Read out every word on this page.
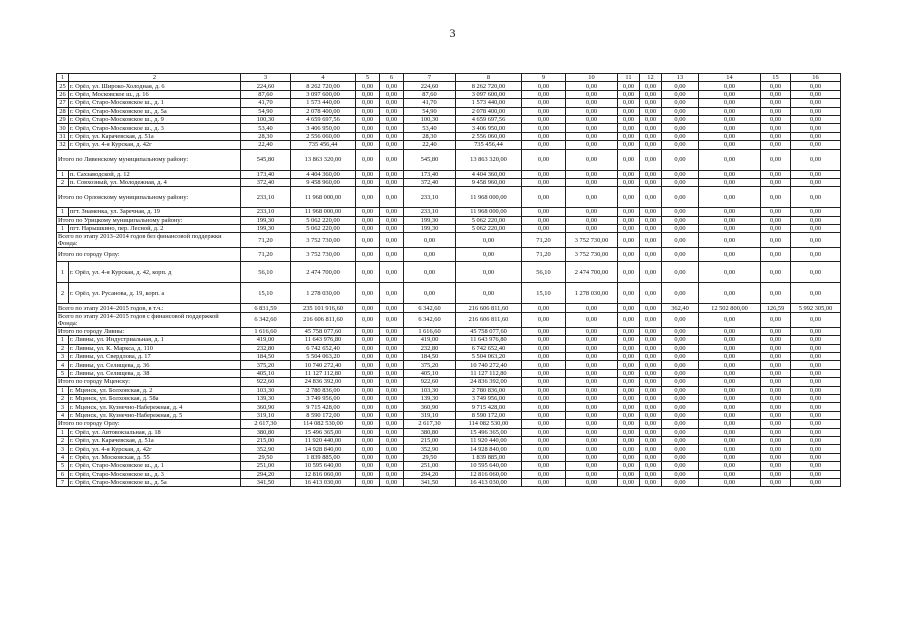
3
1	2	3	4	5	6	7	8	9	10	11	12	13	14	15	16
25	г. Орёл, ул. Широко-Холодная, д. 6	224,60	8 262 720,00	0,00	0,00	224,60	8 262 720,00	0,00	0,00	0,00	0,00	0,00	0,00	0,00	0,00
26	г. Орёл, Московское ш., д. 16	87,60	3 097 600,00	0,00	0,00	87,60	3 097 600,00	0,00	0,00	0,00	0,00	0,00	0,00	0,00	0,00
27	г. Орёл, Старо-Московское ш., д. 1	41,70	1 573 440,00	0,00	0,00	41,70	1 573 440,00	0,00	0,00	0,00	0,00	0,00	0,00	0,00	0,00
28	г. Орёл, Старо-Московское ш., д. 5а	54,90	2 078 400,00	0,00	0,00	54,90	2 078 400,00	0,00	0,00	0,00	0,00	0,00	0,00	0,00	0,00
29	г. Орёл, Старо-Московское ш., д. 9	100,30	4 659 697,56	0,00	0,00	100,30	4 659 697,56	0,00	0,00	0,00	0,00	0,00	0,00	0,00	0,00
30	г. Орёл, Старо-Московское ш., д. 3	53,40	3 406 950,00	0,00	0,00	53,40	3 406 950,00	0,00	0,00	0,00	0,00	0,00	0,00	0,00	0,00
31	г. Орёл, ул. Карачевская, д. 51а	28,30	2 556 060,00	0,00	0,00	28,30	2 556 060,00	0,00	0,00	0,00	0,00	0,00	0,00	0,00	0,00
32	г. Орёл, ул. 4-я Курская, д. 42г	22,40	735 456,44	0,00	0,00	22,40	735 456,44	0,00	0,00	0,00	0,00	0,00	0,00	0,00	0,00
Итого по Ливенскому муниципальному району:		545,80	13 863 320,00	0,00	0,00	545,80	13 863 320,00	0,00	0,00	0,00	0,00	0,00	0,00	0,00	0,00
1	п. Сахзаводской, д. 12	173,40	4 404 360,00	0,00	0,00	173,40	4 404 360,00	0,00	0,00	0,00	0,00	0,00	0,00	0,00	0,00
2	п. Совхозный, ул. Молодежная, д. 4	372,40	9 458 960,00	0,00	0,00	372,40	9 458 960,00	0,00	0,00	0,00	0,00	0,00	0,00	0,00	0,00
Итого по Орловскому муниципальному району:		233,10	11 968 000,00	0,00	0,00	233,10	11 968 000,00	0,00	0,00	0,00	0,00	0,00	0,00	0,00	0,00
1	пгт. Знаменка, ул. Заречная, д. 19	233,10	11 968 000,00	0,00	0,00	233,10	11 968 000,00	0,00	0,00	0,00	0,00	0,00	0,00	0,00	0,00
Итого по Урицкому муниципальному району:		199,30	5 062 220,00	0,00	0,00	199,30	5 062 220,00	0,00	0,00	0,00	0,00	0,00	0,00	0,00	0,00
1	пгт. Нарышкино, пер. Лесной, д. 2	199,30	5 062 220,00	0,00	0,00	199,30	5 062 220,00	0,00	0,00	0,00	0,00	0,00	0,00	0,00	0,00
Всего по этапу 2013–2014 годов без финансовой поддержки Фонда:		71,20	3 752 730,00	0,00	0,00	0,00	0,00	71,20	3 752 730,00	0,00	0,00	0,00	0,00	0,00	0,00
Итого по городу Орлу:		71,20	3 752 730,00	0,00	0,00	0,00	0,00	71,20	3 752 730,00	0,00	0,00	0,00	0,00	0,00	0,00
1	г. Орёл, ул. 4-я Курская, д. 42, корп. д	56,10	2 474 700,00	0,00	0,00	0,00	0,00	56,10	2 474 700,00	0,00	0,00	0,00	0,00	0,00	0,00
2	г. Орёл, ул. Русанова, д. 19, корп. а	15,10	1 278 030,00	0,00	0,00	0,00	0,00	15,10	1 278 030,00	0,00	0,00	0,00	0,00	0,00	0,00
Всего по этапу 2014–2015 годов, в т.ч.:		6 831,59	235 101 916,60	0,00	0,00	6 342,60	216 606 811,60	0,00	0,00	0,00	0,00	362,40	12 502 800,00	126,59	5 992 305,00
Всего по этапу 2014–2015 годов с финансовой поддержкой Фонда:		6 342,60	216 606 811,60	0,00	0,00	6 342,60	216 606 811,60	0,00	0,00	0,00	0,00	0,00	0,00	0,00	0,00
Итого по городу Ливны:		1 616,60	45 758 077,60	0,00	0,00	1 616,60	45 758 077,60	0,00	0,00	0,00	0,00	0,00	0,00	0,00	0,00
1	г. Ливны, ул. Индустриальная, д. 1	419,00	11 643 976,80	0,00	0,00	419,00	11 643 976,80	0,00	0,00	0,00	0,00	0,00	0,00	0,00	0,00
2	г. Ливны, ул. К. Маркса, д. 110	232,80	6 742 652,40	0,00	0,00	232,80	6 742 652,40	0,00	0,00	0,00	0,00	0,00	0,00	0,00	0,00
3	г. Ливны, ул. Свердлова, д. 17	184,50	5 504 063,20	0,00	0,00	184,50	5 504 063,20	0,00	0,00	0,00	0,00	0,00	0,00	0,00	0,00
4	г. Ливны, ул. Селищева, д. 36	375,20	10 740 272,40	0,00	0,00	375,20	10 740 272,40	0,00	0,00	0,00	0,00	0,00	0,00	0,00	0,00
5	г. Ливны, ул. Селищева, д. 38	405,10	11 127 112,80	0,00	0,00	405,10	11 127 112,80	0,00	0,00	0,00	0,00	0,00	0,00	0,00	0,00
Итого по городу Мценску:		922,60	24 836 392,00	0,00	0,00	922,60	24 836 392,00	0,00	0,00	0,00	0,00	0,00	0,00	0,00	0,00
1	г. Мценск, ул. Болховская, д. 2	103,30	2 780 836,00	0,00	0,00	103,30	2 780 836,00	0,00	0,00	0,00	0,00	0,00	0,00	0,00	0,00
2	г. Мценск, ул. Болховская, д. 58а	139,30	3 749 956,00	0,00	0,00	139,30	3 749 956,00	0,00	0,00	0,00	0,00	0,00	0,00	0,00	0,00
3	г. Мценск, ул. Кузнечно-Набережная, д. 4	360,90	9 715 428,00	0,00	0,00	360,90	9 715 428,00	0,00	0,00	0,00	0,00	0,00	0,00	0,00	0,00
4	г. Мценск, ул. Кузнечно-Набережная, д. 5	319,10	8 590 172,00	0,00	0,00	319,10	8 590 172,00	0,00	0,00	0,00	0,00	0,00	0,00	0,00	0,00
Итого по городу Орлу:		2 617,30	114 082 530,00	0,00	0,00	2 617,30	114 082 530,00	0,00	0,00	0,00	0,00	0,00	0,00	0,00	0,00
1	г. Орёл, ул. Автовокзальная, д. 18	380,80	15 496 365,00	0,00	0,00	380,80	15 496 365,00	0,00	0,00	0,00	0,00	0,00	0,00	0,00	0,00
2	г. Орёл, ул. Карачевская, д. 51а	215,00	11 920 440,00	0,00	0,00	215,00	11 920 440,00	0,00	0,00	0,00	0,00	0,00	0,00	0,00	0,00
3	г. Орёл, ул. 4-я Курская, д. 42г	352,90	14 928 840,00	0,00	0,00	352,90	14 928 840,00	0,00	0,00	0,00	0,00	0,00	0,00	0,00	0,00
4	г. Орёл, ул. Московская, д. 55	29,50	1 839 885,00	0,00	0,00	29,50	1 839 885,00	0,00	0,00	0,00	0,00	0,00	0,00	0,00	0,00
5	г. Орёл, Старо-Московское ш., д. 1	251,00	10 595 640,00	0,00	0,00	251,00	10 595 640,00	0,00	0,00	0,00	0,00	0,00	0,00	0,00	0,00
6	г. Орёл, Старо-Московское ш., д. 3	294,20	12 816 060,00	0,00	0,00	294,20	12 816 060,00	0,00	0,00	0,00	0,00	0,00	0,00	0,00	0,00
7	г. Орёл, Старо-Московское ш., д. 5а	341,50	16 413 030,00	0,00	0,00	341,50	16 413 030,00	0,00	0,00	0,00	0,00	0,00	0,00	0,00	0,00
